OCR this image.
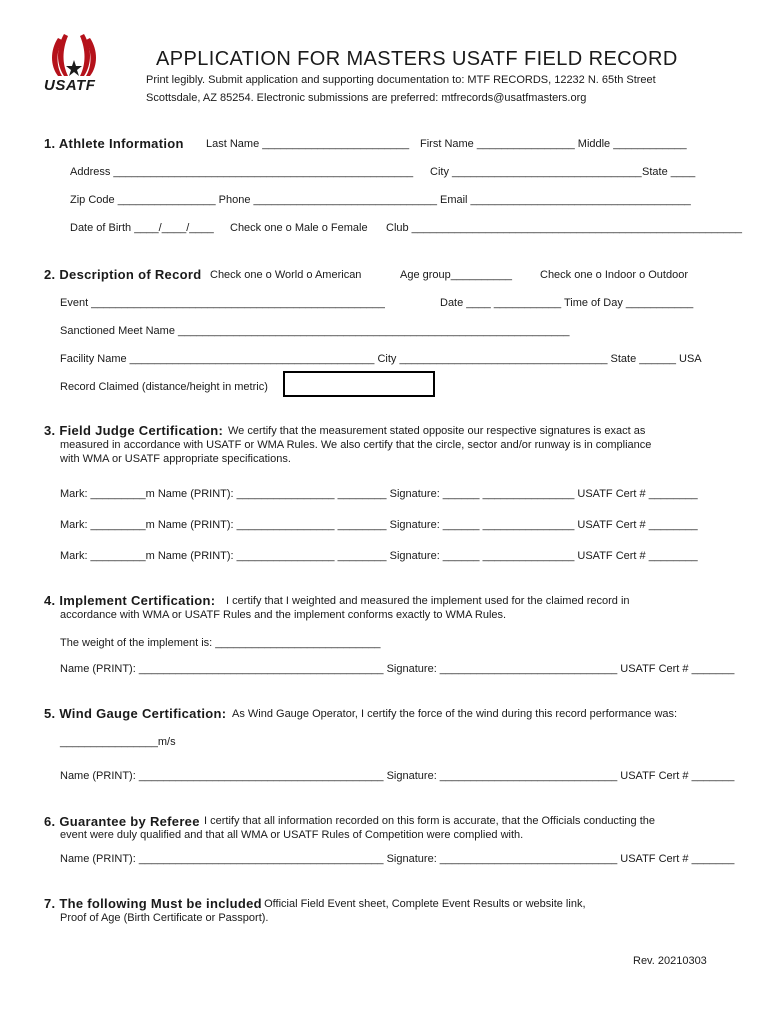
USATF
APPLICATION FOR MASTERS USATF FIELD RECORD
Print legibly. Submit application and supporting documentation to: MTF RECORDS, 12232 N. 65th Street
Scottsdale, AZ 85254. Electronic submissions are preferred: mtfrecords@usatfmasters.org
1. Athlete Information Last Name ________________________ First Name ________________ Middle ____________
Address _________________________________________________ City _______________________________ State ____
Zip Code ________________ Phone ______________________________ Email ____________________________________
Date of Birth ____/____/____ Check one o Male o Female Club ______________________________________________________
2. Description of Record Check one o World o American	Age group__________	Check one o Indoor o Outdoor
Event ________________________________________________	Date ____ ___________ Time of Day ___________
Sanctioned Meet Name ________________________________________________________________
Facility Name ________________________________________ City __________________________________ State ______ USA
Record Claimed (distance/height in metric)
3. Field Judge Certification: We certify that the measurement stated opposite our respective signatures is exact as
measured in accordance with USATF or WMA Rules. We also certify that the circle, sector and/or runway is in compliance
with WMA or USATF appropriate specifications.
Mark: _________m Name (PRINT): ________________ ________ Signature: ______ _______________ USATF Cert # ________
Mark: _________m Name (PRINT): ________________ ________ Signature: ______ _______________ USATF Cert # ________
Mark: _________m Name (PRINT): ________________ ________ Signature: ______ _______________ USATF Cert # ________
4. Implement Certification: I certify that I weighted and measured the implement used for the claimed record in
accordance with WMA or USATF Rules and the implement conforms exactly to WMA Rules.
The weight of the implement is: ___________________________
Name (PRINT): ________________________________________ Signature: _____________________________ USATF Cert # _______
5. Wind Gauge Certification: As Wind Gauge Operator, I certify the force of the wind during this record performance was:
________________m/s
Name (PRINT): ________________________________________ Signature: _____________________________ USATF Cert # _______
6. Guarantee by Referee I certify that all information recorded on this form is accurate, that the Officials conducting the
event were duly qualified and that all WMA or USATF Rules of Competition were complied with.
Name (PRINT): ________________________________________ Signature: _____________________________ USATF Cert # _______
7. The following Must be included
: Official Field Event sheet, Complete Event Results or website link,
Proof of Age (Birth Certificate or Passport).
Rev. 20210303
